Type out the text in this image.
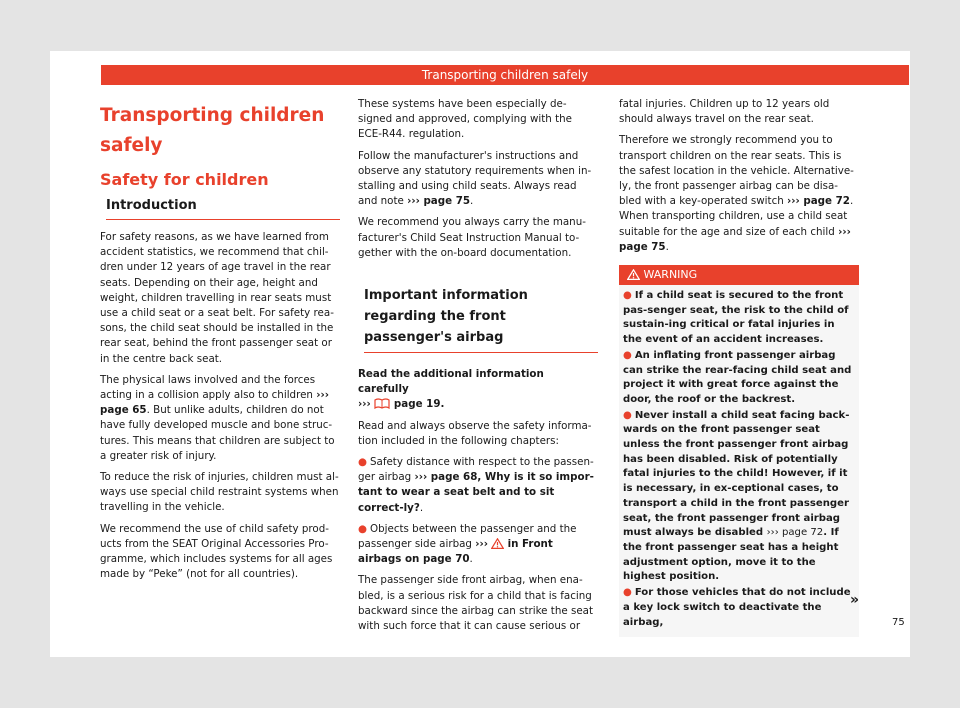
Transporting children safely
Transporting children
safely
Safety for children
Introduction

For safety reasons, as we have learned from accident statistics, we recommend that chil-dren under 12 years of age travel in the rear seats. Depending on their age, height and weight, children travelling in rear seats must use a child seat or a seat belt. For safety rea-sons, the child seat should be installed in the rear seat, behind the front passenger seat or in the centre back seat.

The physical laws involved and the forces acting in a collision apply also to children ››› page 65. But unlike adults, children do not have fully developed muscle and bone struc-tures. This means that children are subject to a greater risk of injury.

To reduce the risk of injuries, children must al-ways use special child restraint systems when travelling in the vehicle.

We recommend the use of child safety prod-ucts from the SEAT Original Accessories Pro-gramme, which includes systems for all ages made by “Peke” (not for all countries).

These systems have been especially de-signed and approved, complying with the ECE-R44. regulation.

Follow the manufacturer's instructions and observe any statutory requirements when in-stalling and using child seats. Always read and note ››› page 75.

We recommend you always carry the manu-facturer's Child Seat Instruction Manual to-gether with the on-board documentation.

Important information regarding the front passenger's airbag

Read the additional information carefully
››› page 19.

Read and always observe the safety informa-tion included in the following chapters:

● Safety distance with respect to the passen-ger airbag ››› page 68, Why is it so impor-tant to wear a seat belt and to sit correct-ly?.

● Objects between the passenger and the passenger side airbag ››› in Front airbags on page 70.

The passenger side front airbag, when ena-bled, is a serious risk for a child that is facing backward since the airbag can strike the seat with such force that it can cause serious or

fatal injuries. Children up to 12 years old should always travel on the rear seat.

Therefore we strongly recommend you to transport children on the rear seats. This is the safest location in the vehicle. Alternative-ly, the front passenger airbag can be disa-bled with a key-operated switch ››› page 72. When transporting children, use a child seat suitable for the age and size of each child ››› page 75.

WARNING

● If a child seat is secured to the front pas-senger seat, the risk to the child of sustain-ing critical or fatal injuries in the event of an accident increases.

● An inflating front passenger airbag can strike the rear-facing child seat and project it with great force against the door, the roof or the backrest.

● Never install a child seat facing back-wards on the front passenger seat unless the front passenger front airbag has been disabled. Risk of potentially fatal injuries to the child! However, if it is necessary, in ex-ceptional cases, to transport a child in the front passenger seat, the front passenger front airbag must always be disabled ››› page 72. If the front passenger seat has a height adjustment option, move it to the highest position.

● For those vehicles that do not include a key lock switch to deactivate the airbag,

»
75
